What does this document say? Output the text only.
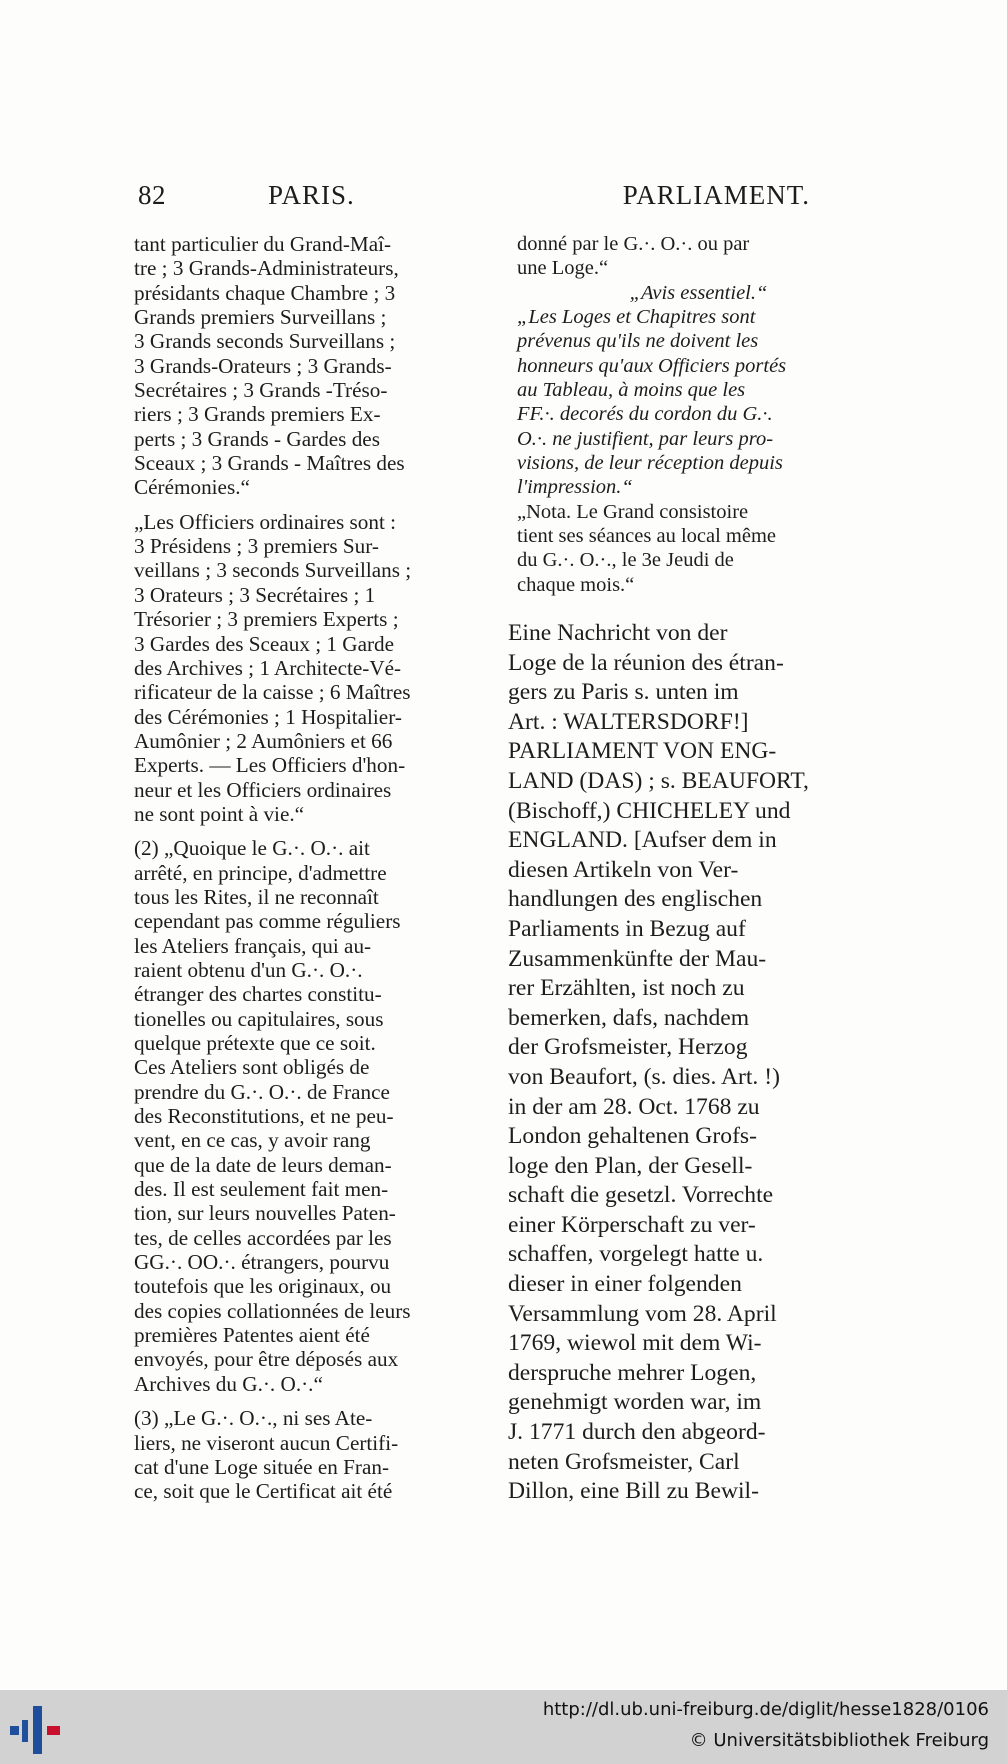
82	PARIS.	PARLIAMENT.

tant particulier du Grand-Maî-

tre ; 3 Grands-Administrateurs,

présidants chaque Chambre ; 3

Grands premiers Surveillans ;

3 Grands seconds Surveillans ;

3 Grands-Orateurs ; 3 Grands-

Secrétaires ; 3 Grands -Tréso-

riers ; 3 Grands premiers Ex-

perts ; 3 Grands - Gardes des

Sceaux ; 3 Grands - Maîtres des

Cérémonies.“

„Les Officiers ordinaires sont :

3 Présidens ; 3 premiers Sur-

veillans ; 3 seconds Surveillans ;

3 Orateurs ; 3 Secrétaires ; 1

Trésorier ; 3 premiers Experts ;

3 Gardes des Sceaux ; 1 Garde

des Archives ; 1 Architecte-Vé-

rificateur de la caisse ; 6 Maîtres

des Cérémonies ; 1 Hospitalier-

Aumônier ; 2 Aumôniers et 66

Experts. — Les Officiers d'hon-

neur et les Officiers ordinaires

ne sont point à vie.“

(2) „Quoique le G.·. O.·. ait

arrêté, en principe, d'admettre

tous les Rites, il ne reconnaît

cependant pas comme réguliers

les Ateliers français, qui au-

raient obtenu d'un G.·. O.·.

étranger des chartes constitu-

tionelles ou capitulaires, sous

quelque prétexte que ce soit.

Ces Ateliers sont obligés de

prendre du G.·. O.·. de France

des Reconstitutions, et ne peu-

vent, en ce cas, y avoir rang

que de la date de leurs deman-

des. Il est seulement fait men-

tion, sur leurs nouvelles Paten-

tes, de celles accordées par les

GG.·. OO.·. étrangers, pourvu

toutefois que les originaux, ou

des copies collationnées de leurs

premières Patentes aient été

envoyés, pour être déposés aux

Archives du G.·. O.·.“

(3) „Le G.·. O.·., ni ses Ate-

liers, ne viseront aucun Certifi-

cat d'une Loge située en Fran-

ce, soit que le Certificat ait été

donné par le G.·. O.·. ou par

une Loge.“

„Avis essentiel.“

„Les Loges et Chapitres sont

prévenus qu'ils ne doivent les

honneurs qu'aux Officiers portés

au Tableau, à moins que les

FF.·. decorés du cordon du G.·.

O.·. ne justifient, par leurs pro-

visions, de leur réception depuis

l'impression.“

„Nota. Le Grand consistoire

tient ses séances au local même

du G.·. O.·., le 3e Jeudi de

chaque mois.“

Eine Nachricht von der

Loge de la réunion des étran-

gers zu Paris s. unten im

Art. : WALTERSDORF!]

PARLIAMENT VON ENG-

LAND (DAS) ; s. BEAUFORT,

(Bischoff,) CHICHELEY und

ENGLAND. [Aufser dem in

diesen Artikeln von Ver-

handlungen des englischen

Parliaments in Bezug auf

Zusammenkünfte der Mau-

rer Erzählten, ist noch zu

bemerken, dafs, nachdem

der Grofsmeister, Herzog

von Beaufort, (s. dies. Art. !)

in der am 28. Oct. 1768 zu

London gehaltenen Grofs-

loge den Plan, der Gesell-

schaft die gesetzl. Vorrechte

einer Körperschaft zu ver-

schaffen, vorgelegt hatte u.

dieser in einer folgenden

Versammlung vom 28. April

1769, wiewol mit dem Wi-

derspruche mehrer Logen,

genehmigt worden war, im

J. 1771 durch den abgeord-

neten Grofsmeister, Carl

Dillon, eine Bill zu Bewil-

http://dl.ub.uni-freiburg.de/diglit/hesse1828/0106
© Universitätsbibliothek Freiburg
